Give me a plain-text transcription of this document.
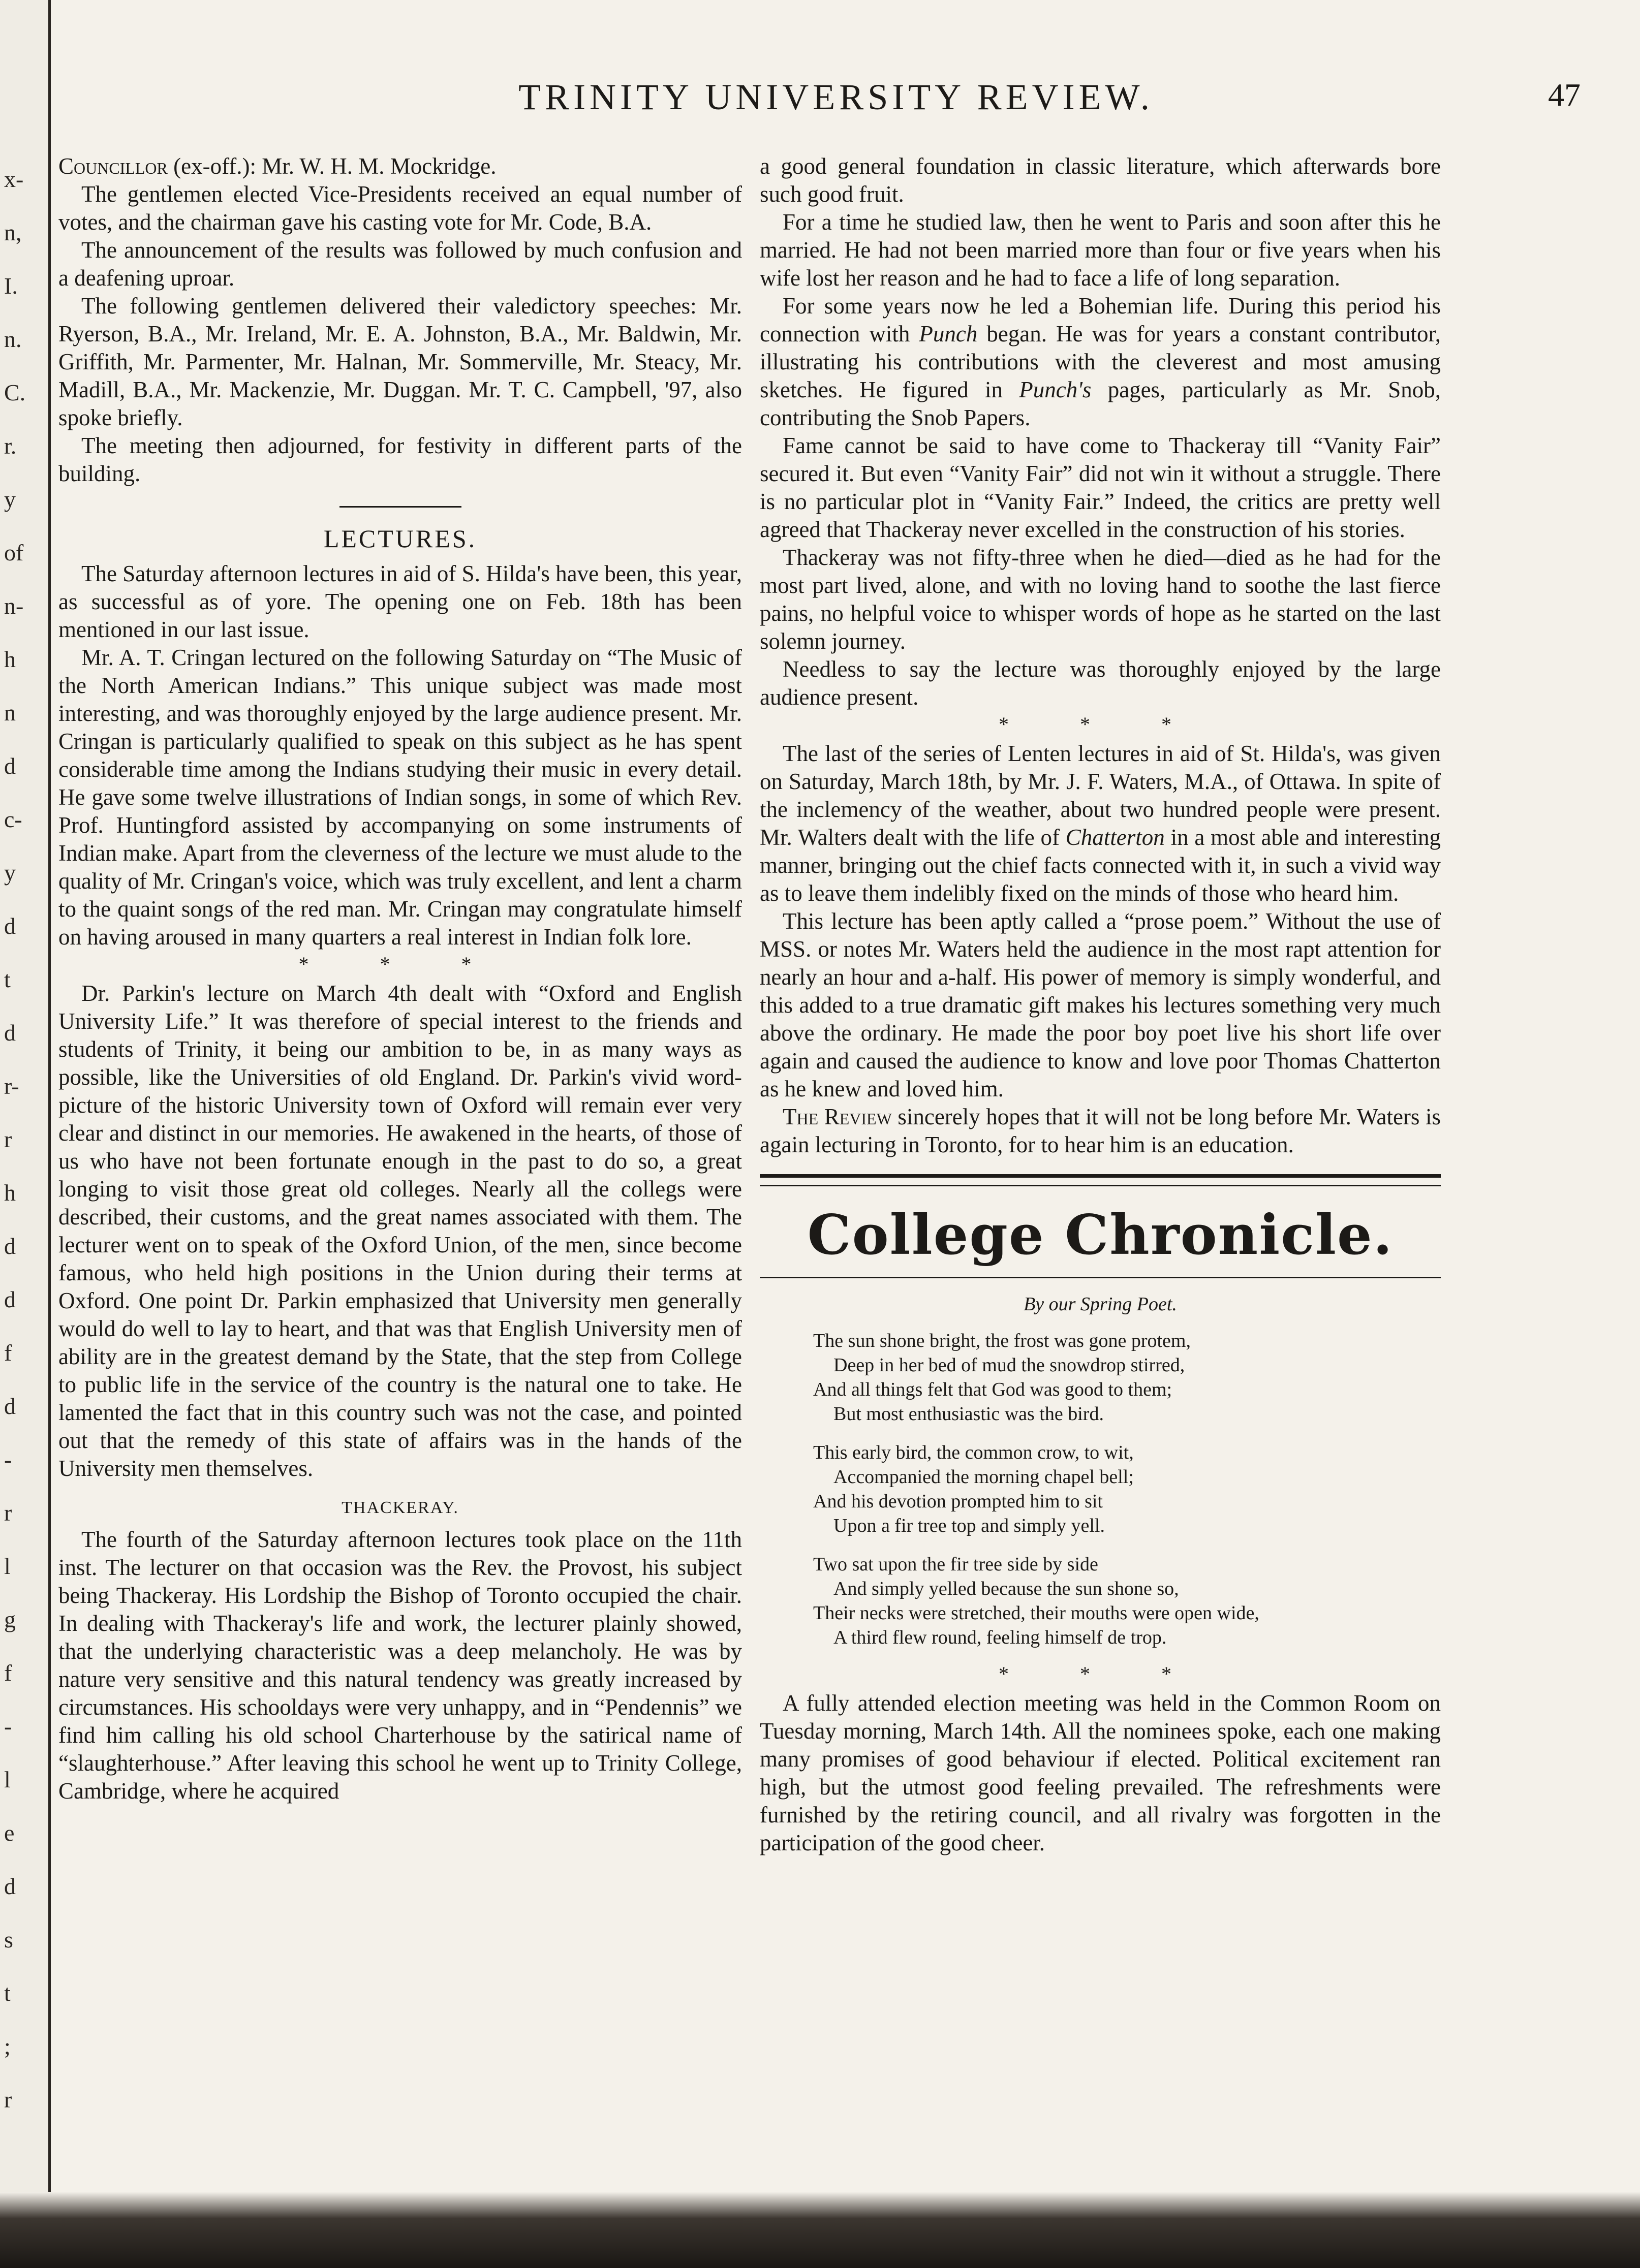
x-
n,
I.
n.
C.
r.
y
of
n-
h
n
d
c-
y
d
t
d
r-
r
h
d
d
f
d
-
r
l
g
f
-
l
e
d
s
t
;
r
TRINITY UNIVERSITY REVIEW.	47

Councillor (ex-off.): Mr. W. H. M. Mockridge.

The gentlemen elected Vice-Presidents received an equal number of votes, and the chairman gave his casting vote for Mr. Code, B.A.

The announcement of the results was followed by much confusion and a deafening uproar.

The following gentlemen delivered their valedictory speeches: Mr. Ryerson, B.A., Mr. Ireland, Mr. E. A. Johnston, B.A., Mr. Baldwin, Mr. Griffith, Mr. Parmenter, Mr. Halnan, Mr. Sommerville, Mr. Steacy, Mr. Madill, B.A., Mr. Mackenzie, Mr. Duggan. Mr. T. C. Campbell, '97, also spoke briefly.

The meeting then adjourned, for festivity in different parts of the building.

LECTURES.

The Saturday afternoon lectures in aid of S. Hilda's have been, this year, as successful as of yore. The opening one on Feb. 18th has been mentioned in our last issue.

Mr. A. T. Cringan lectured on the following Saturday on “The Music of the North American Indians.” This unique subject was made most interesting, and was thoroughly enjoyed by the large audience present. Mr. Cringan is particularly qualified to speak on this subject as he has spent considerable time among the Indians studying their music in every detail. He gave some twelve illustrations of Indian songs, in some of which Rev. Prof. Huntingford assisted by accompanying on some instruments of Indian make. Apart from the cleverness of the lecture we must alude to the quality of Mr. Cringan's voice, which was truly excellent, and lent a charm to the quaint songs of the red man. Mr. Cringan may congratulate himself on having aroused in many quarters a real interest in Indian folk lore.

* * *

Dr. Parkin's lecture on March 4th dealt with “Oxford and English University Life.” It was therefore of special interest to the friends and students of Trinity, it being our ambition to be, in as many ways as possible, like the Universities of old England. Dr. Parkin's vivid word-picture of the historic University town of Oxford will remain ever very clear and distinct in our memories. He awakened in the hearts, of those of us who have not been fortunate enough in the past to do so, a great longing to visit those great old colleges. Nearly all the collegs were described, their customs, and the great names associated with them. The lecturer went on to speak of the Oxford Union, of the men, since become famous, who held high positions in the Union during their terms at Oxford. One point Dr. Parkin emphasized that University men generally would do well to lay to heart, and that was that English University men of ability are in the greatest demand by the State, that the step from College to public life in the service of the country is the natural one to take. He lamented the fact that in this country such was not the case, and pointed out that the remedy of this state of affairs was in the hands of the University men themselves.

THACKERAY.

The fourth of the Saturday afternoon lectures took place on the 11th inst. The lecturer on that occasion was the Rev. the Provost, his subject being Thackeray. His Lordship the Bishop of Toronto occupied the chair. In dealing with Thackeray's life and work, the lecturer plainly showed, that the underlying characteristic was a deep melancholy. He was by nature very sensitive and this natural tendency was greatly increased by circumstances. His schooldays were very unhappy, and in “Pendennis” we find him calling his old school Charterhouse by the satirical name of “slaughterhouse.” After leaving this school he went up to Trinity College, Cambridge, where he acquired

a good general foundation in classic literature, which afterwards bore such good fruit.

For a time he studied law, then he went to Paris and soon after this he married. He had not been married more than four or five years when his wife lost her reason and he had to face a life of long separation.

For some years now he led a Bohemian life. During this period his connection with Punch began. He was for years a constant contributor, illustrating his contributions with the cleverest and most amusing sketches. He figured in Punch's pages, particularly as Mr. Snob, contributing the Snob Papers.

Fame cannot be said to have come to Thackeray till “Vanity Fair” secured it. But even “Vanity Fair” did not win it without a struggle. There is no particular plot in “Vanity Fair.” Indeed, the critics are pretty well agreed that Thackeray never excelled in the construction of his stories.

Thackeray was not fifty-three when he died—died as he had for the most part lived, alone, and with no loving hand to soothe the last fierce pains, no helpful voice to whisper words of hope as he started on the last solemn journey.

Needless to say the lecture was thoroughly enjoyed by the large audience present.

* * *

The last of the series of Lenten lectures in aid of St. Hilda's, was given on Saturday, March 18th, by Mr. J. F. Waters, M.A., of Ottawa. In spite of the inclemency of the weather, about two hundred people were present. Mr. Walters dealt with the life of Chatterton in a most able and interesting manner, bringing out the chief facts connected with it, in such a vivid way as to leave them indelibly fixed on the minds of those who heard him.

This lecture has been aptly called a “prose poem.” Without the use of MSS. or notes Mr. Waters held the audience in the most rapt attention for nearly an hour and a-half. His power of memory is simply wonderful, and this added to a true dramatic gift makes his lectures something very much above the ordinary. He made the poor boy poet live his short life over again and caused the audience to know and love poor Thomas Chatterton as he knew and loved him.

The Review sincerely hopes that it will not be long before Mr. Waters is again lecturing in Toronto, for to hear him is an education.

College Chronicle.
By our Spring Poet.
The sun shone bright, the frost was gone protem,
Deep in her bed of mud the snowdrop stirred,
And all things felt that God was good to them;
But most enthusiastic was the bird.
This early bird, the common crow, to wit,
Accompanied the morning chapel bell;
And his devotion prompted him to sit
Upon a fir tree top and simply yell.
Two sat upon the fir tree side by side
And simply yelled because the sun shone so,
Their necks were stretched, their mouths were open wide,
A third flew round, feeling himself de trop.
* * *

A fully attended election meeting was held in the Common Room on Tuesday morning, March 14th. All the nominees spoke, each one making many promises of good behaviour if elected. Political excitement ran high, but the utmost good feeling prevailed. The refreshments were furnished by the retiring council, and all rivalry was forgotten in the participation of the good cheer.
